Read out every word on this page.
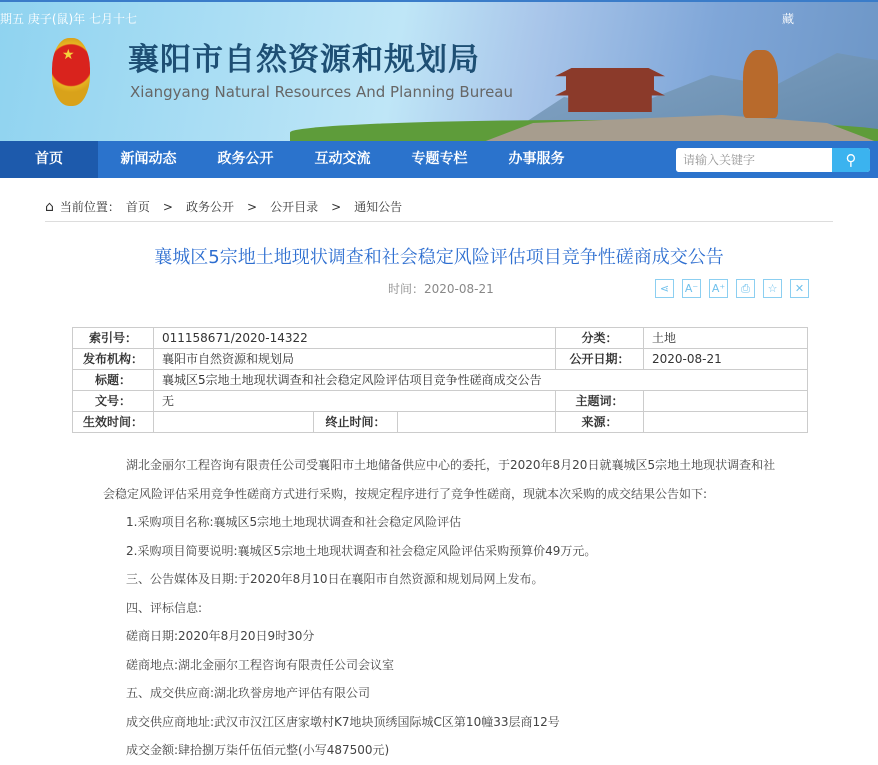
期五 庚子(鼠)年 七月十七	藏
★ 襄阳市自然资源和规划局
Xiangyang Natural Resources And Planning Bureau
首页	新闻动态	政务公开	互动交流	专题专栏	办事服务
请输入关键字	⚲
⌂ 当前位置： 首页 > 政务公开 > 公开目录 > 通知公告
襄城区5宗地土地现状调查和社会稳定风险评估项目竞争性磋商成交公告
时间：2020-08-21	⋖	A⁻ A⁺	⎙	☆	✕
索引号：	011158671/2020-14322			分类：	土地
发布机构：	襄阳市自然资源和规划局			公开日期：	2020-08-21
标题：	襄城区5宗地土地现状调查和社会稳定风险评估项目竞争性磋商成交公告				
文号：	无			主题词：	
生效时间：		终止时间：		来源：	

湖北金丽尔工程咨询有限责任公司受襄阳市土地储备供应中心的委托，于2020年8月20日就襄城区5宗地土地现状调查和社会稳定风险评估采用竞争性磋商方式进行采购，按规定程序进行了竞争性磋商，现就本次采购的成交结果公告如下:

1.采购项目名称:襄城区5宗地土地现状调查和社会稳定风险评估

2.采购项目简要说明:襄城区5宗地土地现状调查和社会稳定风险评估采购预算价49万元。

三、公告媒体及日期:于2020年8月10日在襄阳市自然资源和规划局网上发布。

四、评标信息:

磋商日期:2020年8月20日9时30分

磋商地点:湖北金丽尔工程咨询有限责任公司会议室

五、成交供应商:湖北玖誉房地产评估有限公司

成交供应商地址:武汉市汉江区唐家墩村K7地块顶绣国际城C区第10幢33层商12号

成交金额:肆拾捌万柒仟伍佰元整(小写487500元)
